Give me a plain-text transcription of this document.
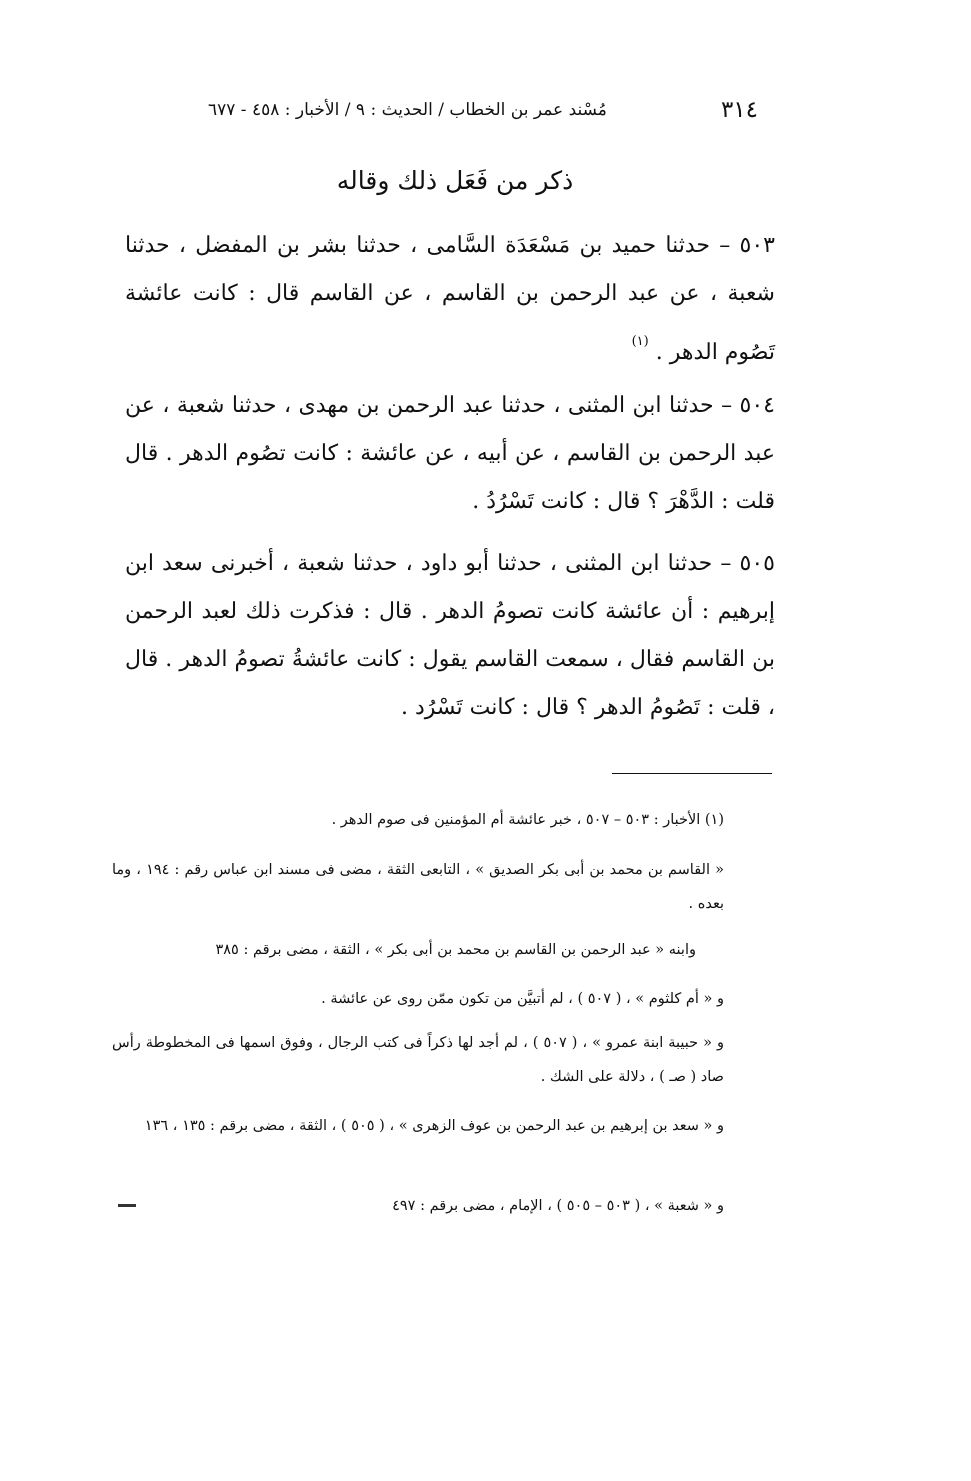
٣١٤
مُسْند عمر بن الخطاب / الحديث : ٩ / الأخبار : ٤٥٨ - ٦٧٧
ذكر من فَعَل ذلك وقاله

٥٠٣ – حدثنا حميد بن مَسْعَدَة السَّامى ، حدثنا بشر بن المفضل ، حدثنا شعبة ، عن عبد الرحمن بن القاسم ، عن القاسم قال : كانت عائشة تَصُوم الدهر . $^{(١)}$

٥٠٤ – حدثنا ابن المثنى ، حدثنا عبد الرحمن بن مهدى ، حدثنا شعبة ، عن عبد الرحمن بن القاسم ، عن أبيه ، عن عائشة : كانت تصُوم الدهر . قال قلت : الدَّهْرَ ؟ قال : كانت تَسْرُدُ .

٥٠٥ – حدثنا ابن المثنى ، حدثنا أبو داود ، حدثنا شعبة ، أخبرنى سعد ابن إبرهيم : أن عائشة كانت تصومُ الدهر . قال : فذكرت ذلك لعبد الرحمن بن القاسم فقال ، سمعت القاسم يقول : كانت عائشةُ تصومُ الدهر . قال ، قلت : تَصُومُ الدهر ؟ قال : كانت تَسْرُد .

(١) الأخبار : ٥٠٣ – ٥٠٧ ، خبر عائشة أم المؤمنين فى صوم الدهر .

« القاسم بن محمد بن أبى بكر الصديق » ، التابعى الثقة ، مضى فى مسند ابن عباس رقم : ١٩٤ ، وما بعده .

وابنه « عبد الرحمن بن القاسم بن محمد بن أبى بكر » ، الثقة ، مضى برقم : ٣٨٥

و « أم كلثوم » ، ( ٥٠٧ ) ، لم أتبيَّن من تكون ممّن روى عن عائشة .

و « حبيبة ابنة عمرو » ، ( ٥٠٧ ) ، لم أجد لها ذكراً فى كتب الرجال ، وفوق اسمها فى المخطوطة رأس صاد ( صـ ) ، دلالة على الشك .

و « سعد بن إبرهيم بن عبد الرحمن بن عوف الزهرى » ، ( ٥٠٥ ) ، الثقة ، مضى برقم : ١٣٥ ، ١٣٦

و « شعبة » ، ( ٥٠٣ – ٥٠٥ ) ، الإمام ، مضى برقم : ٤٩٧
